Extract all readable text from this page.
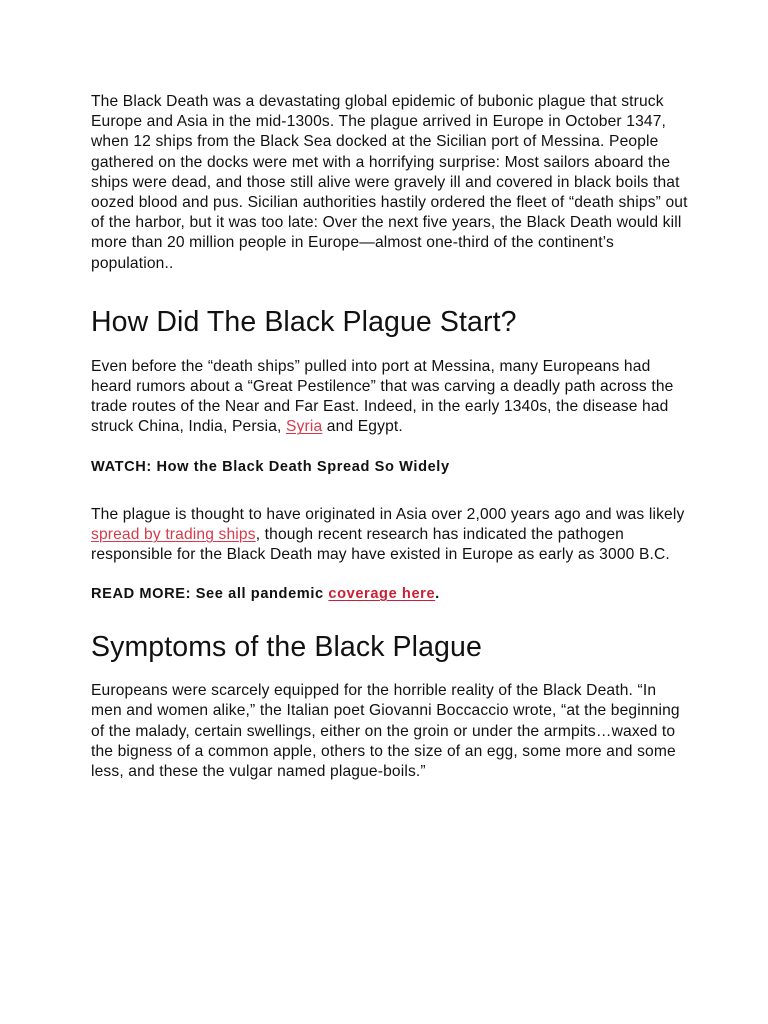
The Black Death was a devastating global epidemic of bubonic plague that struck Europe and Asia in the mid-1300s. The plague arrived in Europe in October 1347, when 12 ships from the Black Sea docked at the Sicilian port of Messina. People gathered on the docks were met with a horrifying surprise: Most sailors aboard the ships were dead, and those still alive were gravely ill and covered in black boils that oozed blood and pus. Sicilian authorities hastily ordered the fleet of “death ships” out of the harbor, but it was too late: Over the next five years, the Black Death would kill more than 20 million people in Europe—almost one-third of the continent’s population..

How Did The Black Plague Start?

Even before the “death ships” pulled into port at Messina, many Europeans had heard rumors about a “Great Pestilence” that was carving a deadly path across the trade routes of the Near and Far East. Indeed, in the early 1340s, the disease had struck China, India, Persia, Syria and Egypt.

WATCH: How the Black Death Spread So Widely

The plague is thought to have originated in Asia over 2,000 years ago and was likely spread by trading ships, though recent research has indicated the pathogen responsible for the Black Death may have existed in Europe as early as 3000 B.C.

READ MORE: See all pandemic coverage here.

Symptoms of the Black Plague

Europeans were scarcely equipped for the horrible reality of the Black Death. “In men and women alike,” the Italian poet Giovanni Boccaccio wrote, “at the beginning of the malady, certain swellings, either on the groin or under the armpits…waxed to the bigness of a common apple, others to the size of an egg, some more and some less, and these the vulgar named plague-boils.”
